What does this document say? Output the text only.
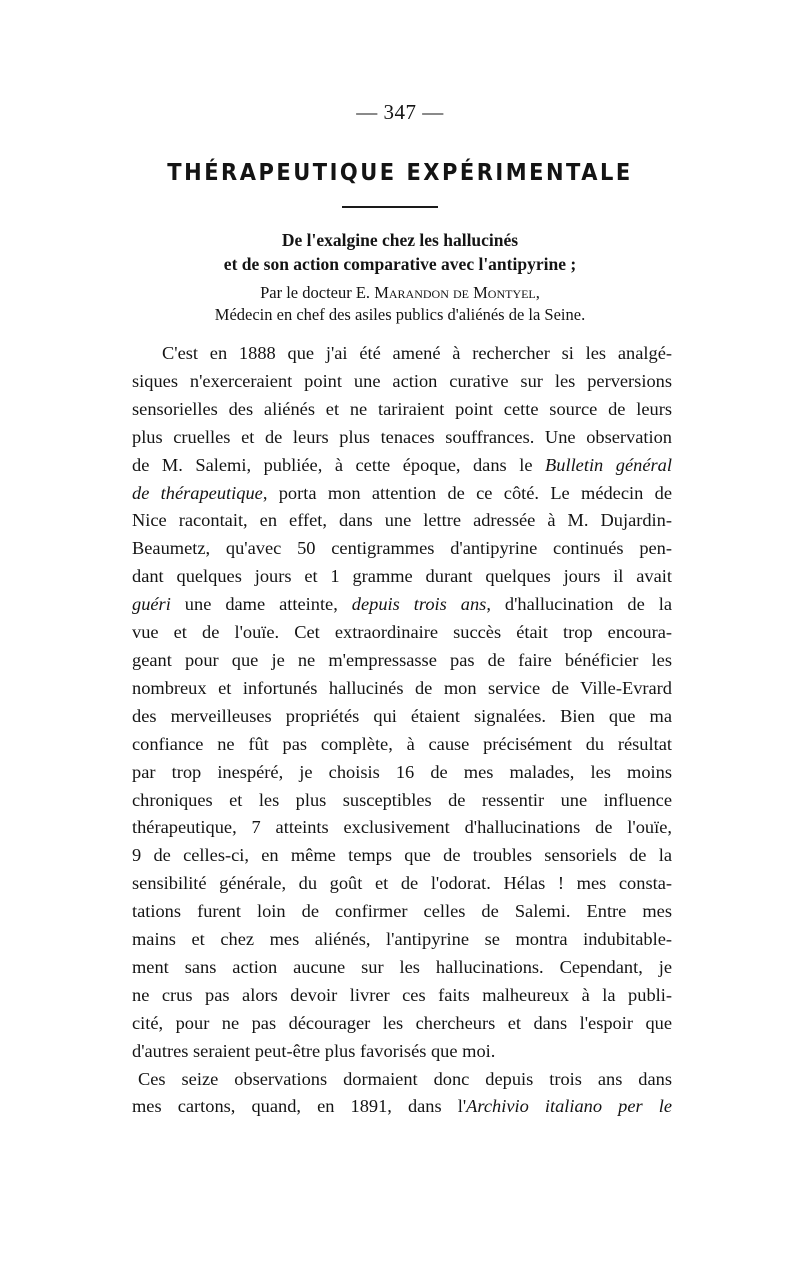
— 347 —
THÉRAPEUTIQUE EXPÉRIMENTALE
De l'exalgine chez les hallucinés
et de son action comparative avec l'antipyrine ;
Par le docteur E. Marandon de Montyel,
Médecin en chef des asiles publics d'aliénés de la Seine.
C'est en 1888 que j'ai été amené à rechercher si les analgé-
siques n'exerceraient point une action curative sur les perversions
sensorielles des aliénés et ne tariraient point cette source de leurs
plus cruelles et de leurs plus tenaces souffrances. Une observation
de M. Salemi, publiée, à cette époque, dans le Bulletin général
de thérapeutique, porta mon attention de ce côté. Le médecin de
Nice racontait, en effet, dans une lettre adressée à M. Dujardin-
Beaumetz, qu'avec 50 centigrammes d'antipyrine continués pen-
dant quelques jours et 1 gramme durant quelques jours il avait
guéri une dame atteinte, depuis trois ans, d'hallucination de la
vue et de l'ouïe. Cet extraordinaire succès était trop encoura-
geant pour que je ne m'empressasse pas de faire bénéficier les
nombreux et infortunés hallucinés de mon service de Ville-Evrard
des merveilleuses propriétés qui étaient signalées. Bien que ma
confiance ne fût pas complète, à cause précisément du résultat
par trop inespéré, je choisis 16 de mes malades, les moins
chroniques et les plus susceptibles de ressentir une influence
thérapeutique, 7 atteints exclusivement d'hallucinations de l'ouïe,
9 de celles-ci, en même temps que de troubles sensoriels de la
sensibilité générale, du goût et de l'odorat. Hélas ! mes consta-
tations furent loin de confirmer celles de Salemi. Entre mes
mains et chez mes aliénés, l'antipyrine se montra indubitable-
ment sans action aucune sur les hallucinations. Cependant, je
ne crus pas alors devoir livrer ces faits malheureux à la publi-
cité, pour ne pas décourager les chercheurs et dans l'espoir que
d'autres seraient peut-être plus favorisés que moi.
Ces seize observations dormaient donc depuis trois ans dans
mes cartons, quand, en 1891, dans l'Archivio italiano per le
